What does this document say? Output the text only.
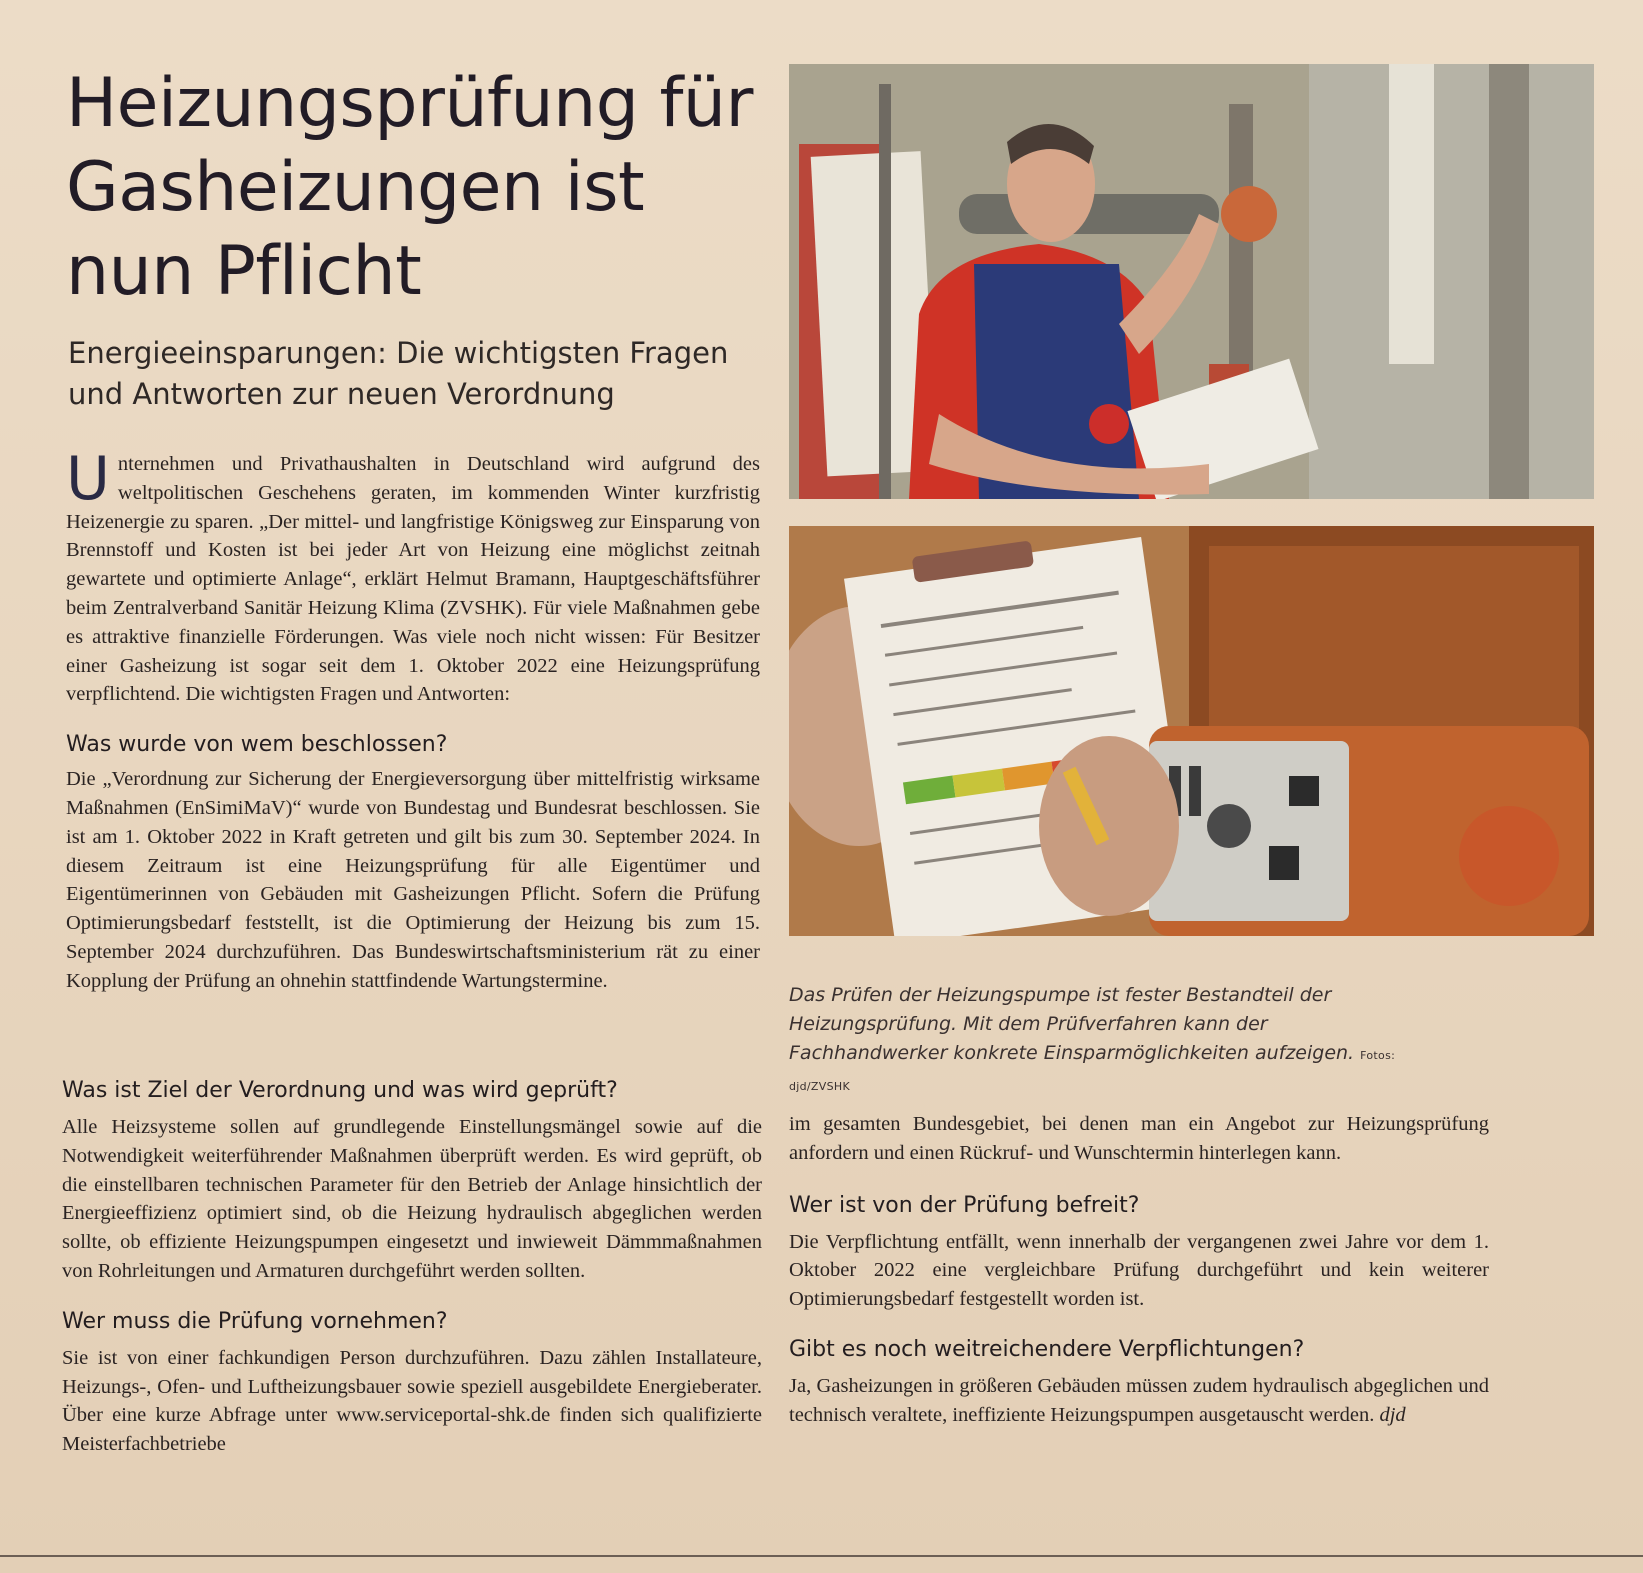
Heizungsprüfung für
Gasheizungen ist
nun Pflicht

Energieeinsparungen: Die wichtigsten Fragen und Antworten zur neuen Verordnung

Unternehmen und Privathaushalten in Deutschland wird aufgrund des weltpolitischen Geschehens geraten, im kommenden Winter kurzfristig Heizenergie zu sparen. „Der mittel- und langfristige Königsweg zur Einsparung von Brennstoff und Kosten ist bei jeder Art von Heizung eine möglichst zeitnah gewartete und optimierte Anlage“, erklärt Helmut Bramann, Hauptgeschäftsführer beim Zentralverband Sanitär Heizung Klima (ZVSHK). Für viele Maßnahmen gebe es attraktive finanzielle Förderungen. Was viele noch nicht wissen: Für Besitzer einer Gasheizung ist sogar seit dem 1. Oktober 2022 eine Heizungsprüfung verpflichtend. Die wichtigsten Fragen und Antworten:

Was wurde von wem beschlossen?

Die „Verordnung zur Sicherung der Energieversorgung über mittelfristig wirksame Maßnahmen (EnSimiMaV)“ wurde von Bundestag und Bundesrat beschlossen. Sie ist am 1. Oktober 2022 in Kraft getreten und gilt bis zum 30. September 2024. In diesem Zeitraum ist eine Heizungsprüfung für alle Eigentümer und Eigentümerinnen von Gebäuden mit Gasheizungen Pflicht. Sofern die Prüfung Optimierungsbedarf feststellt, ist die Optimierung der Heizung bis zum 15. September 2024 durchzuführen. Das Bundeswirtschaftsministerium rät zu einer Kopplung der Prüfung an ohnehin stattfindende Wartungstermine.

Was ist Ziel der Verordnung und was wird geprüft?

Alle Heizsysteme sollen auf grundlegende Einstellungsmängel sowie auf die Notwendigkeit weiterführender Maßnahmen überprüft werden. Es wird geprüft, ob die einstellbaren technischen Parameter für den Betrieb der Anlage hinsichtlich der Energieeffizienz optimiert sind, ob die Heizung hydraulisch abgeglichen werden sollte, ob effiziente Heizungspumpen eingesetzt und inwieweit Dämmmaßnahmen von Rohrleitungen und Armaturen durchgeführt werden sollten.

Wer muss die Prüfung vornehmen?

Sie ist von einer fachkundigen Person durchzuführen. Dazu zählen Installateure, Heizungs-, Ofen- und Luftheizungsbauer sowie speziell ausgebildete Energieberater. Über eine kurze Abfrage unter www.serviceportal-shk.de finden sich qualifizierte Meisterfachbetriebe

Das Prüfen der Heizungspumpe ist fester Bestandteil der Heizungsprüfung. Mit dem Prüfverfahren kann der Fachhandwerker konkrete Einsparmöglichkeiten aufzeigen. Fotos: djd/ZVSHK

im gesamten Bundesgebiet, bei denen man ein Angebot zur Heizungsprüfung anfordern und einen Rückruf- und Wunschtermin hinterlegen kann.

Wer ist von der Prüfung befreit?

Die Verpflichtung entfällt, wenn innerhalb der vergangenen zwei Jahre vor dem 1. Oktober 2022 eine vergleichbare Prüfung durchgeführt und kein weiterer Optimierungsbedarf festgestellt worden ist.

Gibt es noch weitreichendere Verpflichtungen?

Ja, Gasheizungen in größeren Gebäuden müssen zudem hydraulisch abgeglichen und technisch veraltete, ineffiziente Heizungspumpen ausgetauscht werden. djd
